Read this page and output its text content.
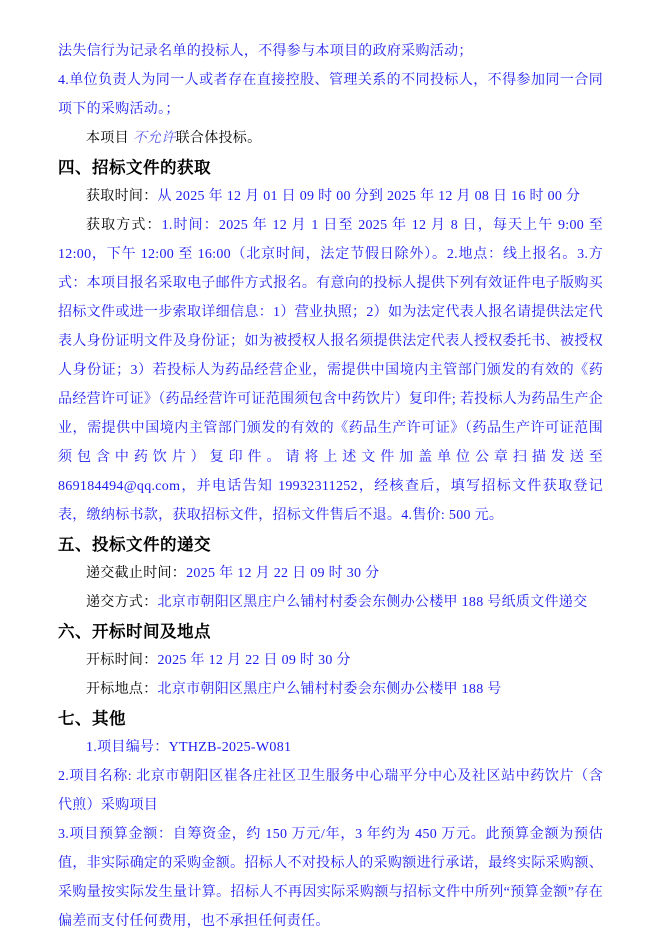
法失信行为记录名单的投标人，不得参与本项目的政府采购活动；

4.单位负责人为同一人或者存在直接控股、管理关系的不同投标人，不得参加同一合同项下的采购活动。；

本项目 不允许联合体投标。

四、招标文件的获取

获取时间：从 2025 年 12 月 01 日 09 时 00 分到 2025 年 12 月 08 日 16 时 00 分

获取方式：1.时间：2025 年 12 月 1 日至 2025 年 12 月 8 日，每天上午 9:00 至 12:00，下午 12:00 至 16:00（北京时间，法定节假日除外）。2.地点：线上报名。3.方式：本项目报名采取电子邮件方式报名。有意向的投标人提供下列有效证件电子版购买招标文件或进一步索取详细信息：1）营业执照；2）如为法定代表人报名请提供法定代表人身份证明文件及身份证；如为被授权人报名须提供法定代表人授权委托书、被授权人身份证；3）若投标人为药品经营企业，需提供中国境内主管部门颁发的有效的《药品经营许可证》（药品经营许可证范围须包含中药饮片）复印件; 若投标人为药品生产企业，需提供中国境内主管部门颁发的有效的《药品生产许可证》（药品生产许可证范围须包含中药饮片）复印件。请将上述文件加盖单位公章扫描发送至 869184494@qq.com，并电话告知 19932311252，经核查后，填写招标文件获取登记表，缴纳标书款，获取招标文件，招标文件售后不退。4.售价: 500 元。

五、投标文件的递交

递交截止时间：2025 年 12 月 22 日 09 时 30 分

递交方式：北京市朝阳区黑庄户么铺村村委会东侧办公楼甲 188 号纸质文件递交

六、开标时间及地点

开标时间：2025 年 12 月 22 日 09 时 30 分

开标地点：北京市朝阳区黑庄户么铺村村委会东侧办公楼甲 188 号

七、其他

1.项目编号：YTHZB-2025-W081

2.项目名称: 北京市朝阳区崔各庄社区卫生服务中心瑞平分中心及社区站中药饮片（含代煎）采购项目

3.项目预算金额：自筹资金，约 150 万元/年，3 年约为 450 万元。此预算金额为预估值，非实际确定的采购金额。招标人不对投标人的采购额进行承诺，最终实际采购额、采购量按实际发生量计算。招标人不再因实际采购额与招标文件中所列“预算金额”存在偏差而支付任何费用，也不承担任何责任。
